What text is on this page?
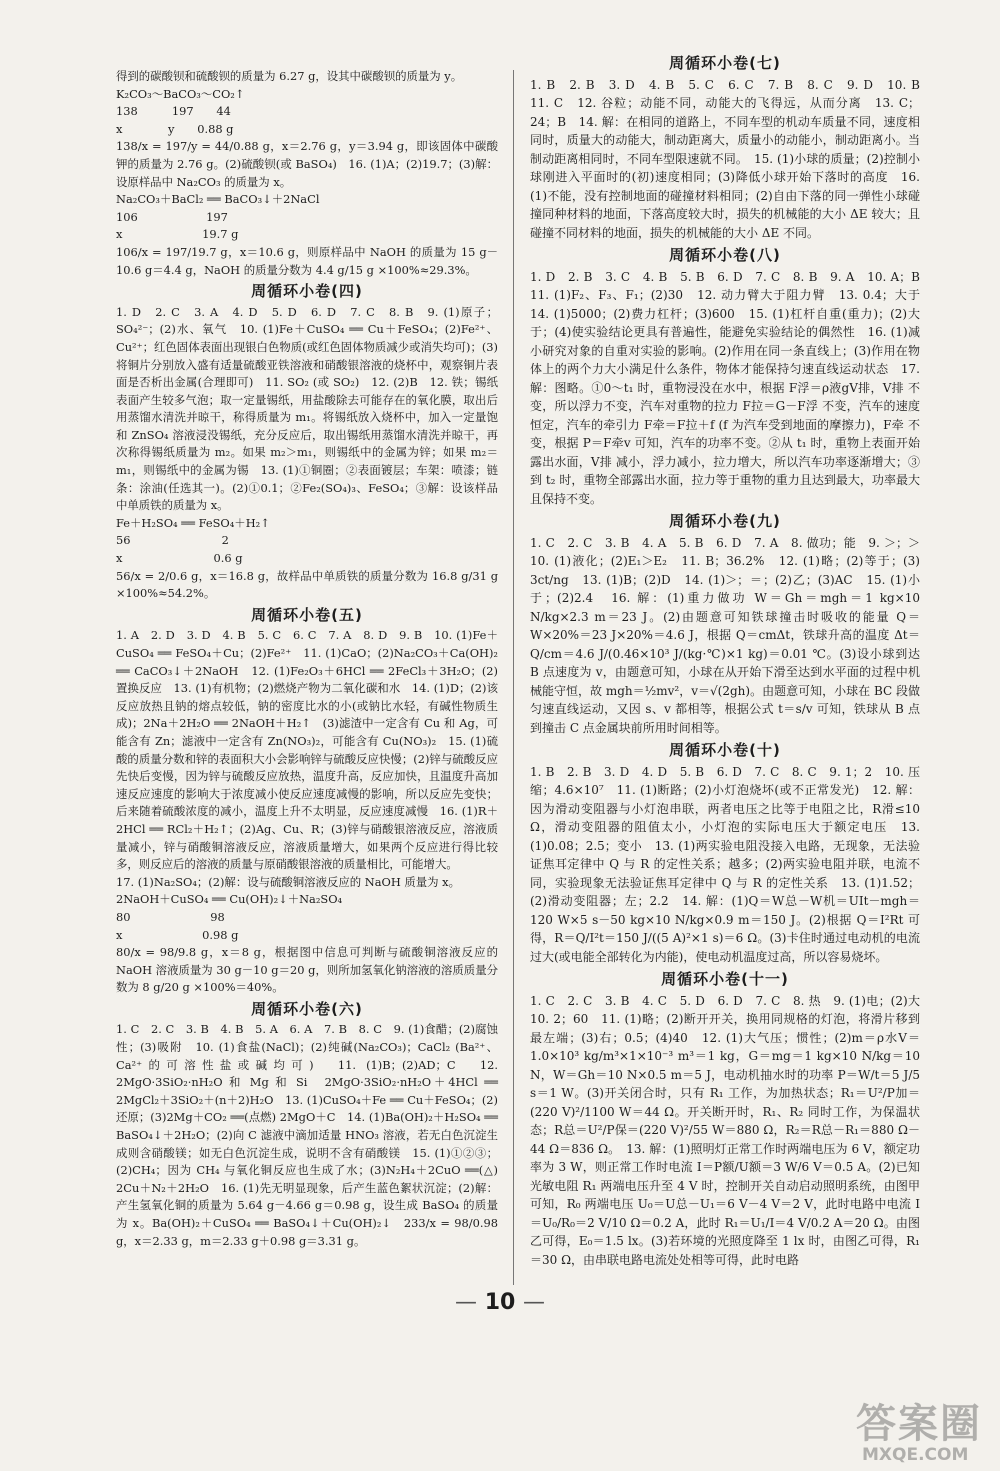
得到的碳酸钡和硫酸钡的质量为 6.27 g，设其中碳酸钡的质量为 y。

K₂CO₃～BaCO₃～CO₂↑

138　　　197　　44

x　　　　y　　0.88 g

138/x = 197/y = 44/0.88 g，x＝2.76 g，y＝3.94 g，即该固体中碳酸钾的质量为 2.76 g。(2)硫酸钡(或 BaSO₄)　16. (1)A；(2)19.7；(3)解：设原样品中 Na₂CO₃ 的质量为 x。

Na₂CO₃＋BaCl₂ ══ BaCO₃↓＋2NaCl

106　　　　　　197

x　　　　　　　19.7 g

106/x = 197/19.7 g，x＝10.6 g，则原样品中 NaOH 的质量为 15 g－10.6 g＝4.4 g，NaOH 的质量分数为 4.4 g/15 g ×100%≈29.3%。

周循环小卷(四)

1. D　2. C　3. A　4. D　5. D　6. D　7. C　8. B　9. (1)原子；SO₄²⁻；(2)水、氧气　10. (1)Fe＋CuSO₄ ══ Cu＋FeSO₄；(2)Fe²⁺、Cu²⁺；红色固体表面出现银白色物质(或红色固体物质减少或消失均可)；(3)将铜片分别放入盛有适量硫酸亚铁溶液和硝酸银溶液的烧杯中，观察铜片表面是否析出金属(合理即可)　11. SO₂ (或 SO₂)　12. (2)B　12. 铁；锡纸表面产生较多气泡；取一定量锡纸，用盐酸除去可能存在的氧化膜，取出后用蒸馏水清洗并晾干，称得质量为 m₁。将锡纸放入烧杯中，加入一定量饱和 ZnSO₄ 溶液浸没锡纸，充分反应后，取出锡纸用蒸馏水清洗并晾干，再次称得锡纸质量为 m₂。如果 m₂＞m₁，则锡纸中的金属为锌；如果 m₂＝m₁，则锡纸中的金属为锡　13. (1)①铜圈；②表面镀层；车架：喷漆；链条：涂油(任选其一)。(2)①0.1；②Fe₂(SO₄)₃、FeSO₄；③解：设该样品中单质铁的质量为 x。

Fe＋H₂SO₄ ══ FeSO₄＋H₂↑

56　　　　　　　　2

x　　　　　　　　0.6 g

56/x = 2/0.6 g，x＝16.8 g，故样品中单质铁的质量分数为 16.8 g/31 g ×100%≈54.2%。

周循环小卷(五)

1. A　2. D　3. D　4. B　5. C　6. C　7. A　8. D　9. B　10. (1)Fe＋CuSO₄ ══ FeSO₄＋Cu；(2)Fe²⁺　11. (1)CaO；(2)Na₂CO₃＋Ca(OH)₂ ══ CaCO₃↓＋2NaOH　12. (1)Fe₂O₃＋6HCl ══ 2FeCl₃＋3H₂O；(2)置换反应　13. (1)有机物；(2)燃烧产物为二氧化碳和水　14. (1)D；(2)该反应放热且钠的熔点较低，钠的密度比水的小(或钠比水轻，有碱性物质生成)；2Na＋2H₂O ══ 2NaOH＋H₂↑　(3)滤渣中一定含有 Cu 和 Ag，可能含有 Zn；滤液中一定含有 Zn(NO₃)₂，可能含有 Cu(NO₃)₂　15. (1)硫酸的质量分数和锌的表面积大小会影响锌与硫酸反应快慢；(2)锌与硫酸反应先快后变慢，因为锌与硫酸反应放热，温度升高，反应加快，且温度升高加速反应速度的影响大于浓度减小使反应速度减慢的影响，所以反应先变快；后来随着硫酸浓度的减小，温度上升不太明显，反应速度减慢　16. (1)R＋2HCl ══ RCl₂＋H₂↑；(2)Ag、Cu、R；(3)锌与硝酸银溶液反应，溶液质量减小，锌与硝酸铜溶液反应，溶液质量增大，如果两个反应进行得比较多，则反应后的溶液的质量与原硝酸银溶液的质量相比，可能增大。

17. (1)Na₂SO₄；(2)解：设与硫酸铜溶液反应的 NaOH 质量为 x。

2NaOH＋CuSO₄ ══ Cu(OH)₂↓＋Na₂SO₄

80　　　　　　　98

x　　　　　　　0.98 g

80/x = 98/9.8 g，x＝8 g，根据图中信息可判断与硫酸铜溶液反应的 NaOH 溶液质量为 30 g－10 g＝20 g，则所加氢氧化钠溶液的溶质质量分数为 8 g/20 g ×100%＝40%。

周循环小卷(六)

1. C　2. C　3. B　4. B　5. A　6. A　7. B　8. C　9. (1)食醋；(2)腐蚀性；(3)吸附　10. (1)食盐(NaCl)；(2)纯碱(Na₂CO₃)；CaCl₂ (Ba²⁺、Ca²⁺的可溶性盐或碱均可)　11. (1)B；(2)AD；C　12. 2MgO·3SiO₂·nH₂O 和 Mg 和 Si　2MgO·3SiO₂·nH₂O＋4HCl ══ 2MgCl₂＋3SiO₂＋(n＋2)H₂O　13. (1)CuSO₄＋Fe ══ Cu＋FeSO₄；(2)还原；(3)2Mg＋CO₂ ══(点燃) 2MgO＋C　14. (1)Ba(OH)₂＋H₂SO₄ ══ BaSO₄↓＋2H₂O；(2)向 C 滤液中滴加适量 HNO₃ 溶液，若无白色沉淀生成则含硝酸镁；如无白色沉淀生成，说明不含有硝酸镁　15. (1)①②③；(2)CH₄；因为 CH₄ 与氧化铜反应也生成了水；(3)N₂H₄＋2CuO ══(△) 2Cu＋N₂＋2H₂O　16. (1)先无明显现象，后产生蓝色絮状沉淀；(2)解：产生氢氧化铜的质量为 5.64 g－4.66 g＝0.98 g，设生成 BaSO₄ 的质量为 x。Ba(OH)₂＋CuSO₄ ══ BaSO₄↓＋Cu(OH)₂↓　233/x = 98/0.98 g，x＝2.33 g，m＝2.33 g＋0.98 g＝3.31 g。

周循环小卷(七)

1. B　2. B　3. D　4. B　5. C　6. C　7. B　8. C　9. D　10. B　11. C　12. 谷粒；动能不同，动能大的飞得远，从而分离　13. C；24；B　14. 解：在相同的道路上，不同车型的机动车质量不同，速度相同时，质量大的动能大，制动距离大，质量小的动能小，制动距离小。当制动距离相同时，不同车型限速就不同。　15. (1)小球的质量；(2)控制小球刚进入平面时的(初)速度相同；(3)降低小球开始下落时的高度　16. (1)不能，没有控制地面的碰撞材料相同；(2)自由下落的同一弹性小球碰撞同种材料的地面，下落高度较大时，损失的机械能的大小 ΔE 较大；且碰撞不同材料的地面，损失的机械能的大小 ΔE 不同。

周循环小卷(八)

1. D　2. B　3. C　4. B　5. B　6. D　7. C　8. B　9. A　10. A；B　11. (1)F₂、F₃、F₁；(2)30　12. 动力臂大于阻力臂　13. 0.4；大于　14. (1)5000；(2)费力杠杆；(3)600　15. (1)杠杆自重(重力)；(2)大于；(4)使实验结论更具有普遍性，能避免实验结论的偶然性　16. (1)减小研究对象的自重对实验的影响。(2)作用在同一条直线上；(3)作用在物体上的两个力大小满足什么条件，物体才能保持匀速直线运动状态　17. 解：图略。①0～t₁ 时，重物浸没在水中，根据 F浮＝ρ液gV排，V排 不变，所以浮力不变，汽车对重物的拉力 F拉＝G－F浮 不变，汽车的速度恒定，汽车的牵引力 F牵＝F拉＋f (f 为汽车受到地面的摩擦力)，F牵 不变，根据 P＝F牵v 可知，汽车的功率不变。②从 t₁ 时，重物上表面开始露出水面，V排 减小，浮力减小，拉力增大，所以汽车功率逐渐增大；③到 t₂ 时，重物全部露出水面，拉力等于重物的重力且达到最大，功率最大且保持不变。

周循环小卷(九)

1. C　2. C　3. B　4. A　5. B　6. D　7. A　8. 做功；能　9. ＞；＞　10. (1)液化；(2)E₁＞E₂　11. B；36.2%　12. (1)略；(2)等于；(3) 3ct/ng　13. (1)B；(2)D　14. (1)＞；＝；(2)乙；(3)AC　15. (1)小于；(2)2.4　16. 解：(1)重力做功 W＝Gh＝mgh＝1 kg×10 N/kg×2.3 m＝23 J。(2)由题意可知铁球撞击时吸收的能量 Q＝W×20%＝23 J×20%＝4.6 J，根据 Q＝cmΔt，铁球升高的温度 Δt＝Q/cm＝4.6 J/(0.46×10³ J/(kg·℃)×1 kg)＝0.01 ℃。(3)设小球到达 B 点速度为 v，由题意可知，小球在从开始下滑至达到水平面的过程中机械能守恒，故 mgh＝½mv²，v＝√(2gh)。由题意可知，小球在 BC 段做匀速直线运动，又因 s、v 都相等，根据公式 t＝s/v 可知，铁球从 B 点到撞击 C 点金属块前所用时间相等。

周循环小卷(十)

1. B　2. B　3. D　4. D　5. B　6. D　7. C　8. C　9. 1；2　10. 压缩；4.6×10⁷　11. (1)断路；(2)小灯泡烧坏(或不正常发光)　12. 解：因为滑动变阻器与小灯泡串联，两者电压之比等于电阻之比，R滑≤10 Ω，滑动变阻器的阻值太小，小灯泡的实际电压大于额定电压　13. (1)0.08；2.5；变小　13. (1)两实验电阻没接入电路，无现象，无法验证焦耳定律中 Q 与 R 的定性关系；越多；(2)两实验电阻并联，电流不同，实验现象无法验证焦耳定律中 Q 与 R 的定性关系　13. (1)1.52；(2)滑动变阻器；左；2.2　14. 解：(1)Q＝W总－W机＝UIt－mgh＝120 W×5 s－50 kg×10 N/kg×0.9 m＝150 J。(2)根据 Q＝I²Rt 可得，R＝Q/I²t＝150 J/((5 A)²×1 s)＝6 Ω。(3)卡住时通过电动机的电流过大(或电能全部转化为内能)，使电动机温度过高，所以容易烧坏。

周循环小卷(十一)

1. C　2. C　3. B　4. C　5. D　6. D　7. C　8. 热　9. (1)电；(2)大　10. 2；60　11. (1)略；(2)断开开关，换用同规格的灯泡，将滑片移到最左端；(3)右；0.5；(4)40　12. (1)大气压；惯性；(2)m＝ρ水V＝1.0×10³ kg/m³×1×10⁻³ m³＝1 kg，G＝mg＝1 kg×10 N/kg＝10 N，W＝Gh＝10 N×0.5 m＝5 J，电动机抽水时的功率 P＝W/t＝5 J/5 s＝1 W。(3)开关闭合时，只有 R₁ 工作，为加热状态；R₁＝U²/P加＝(220 V)²/1100 W＝44 Ω。开关断开时，R₁、R₂ 同时工作，为保温状态；R总＝U²/P保＝(220 V)²/55 W＝880 Ω，R₂＝R总－R₁＝880 Ω－44 Ω＝836 Ω。　13. 解：(1)照明灯正常工作时两端电压为 6 V，额定功率为 3 W，则正常工作时电流 I＝P额/U额＝3 W/6 V＝0.5 A。(2)已知光敏电阻 R₁ 两端电压升至 4 V 时，控制开关自动启动照明系统，由图甲可知，R₀ 两端电压 U₀＝U总－U₁＝6 V－4 V＝2 V，此时电路中电流 I＝U₀/R₀＝2 V/10 Ω＝0.2 A，此时 R₁＝U₁/I＝4 V/0.2 A＝20 Ω。由图乙可得，E₀＝1.5 lx。(3)若环境的光照度降至 1 lx 时，由图乙可得，R₁＝30 Ω，由串联电路电流处处相等可得，此时电路

— 10 —
答案圈
MXQE.COM
